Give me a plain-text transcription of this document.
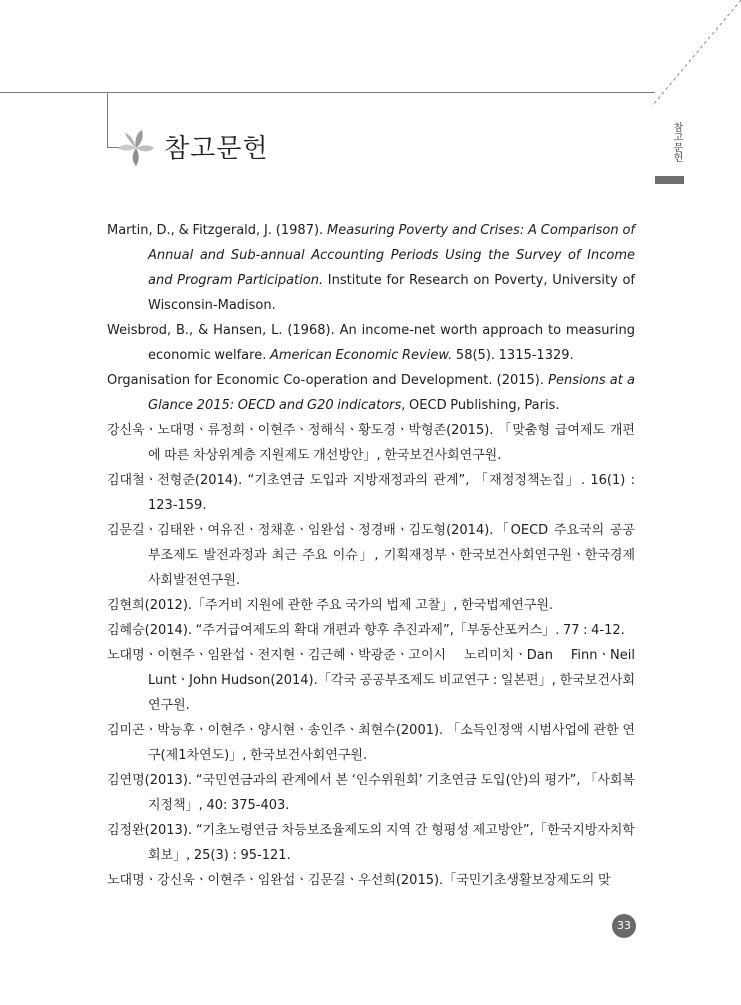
참고문헌
참고문헌

Martin, D., & Fitzgerald, J. (1987). Measuring Poverty and Crises: A Comparison of Annual and Sub-annual Accounting Periods Using the Survey of Income and Program Participation. Institute for Research on Poverty, University of Wisconsin-Madison.

Weisbrod, B., & Hansen, L. (1968). An income-net worth approach to measuring economic welfare. American Economic Review. 58(5). 1315-1329.

Organisation for Economic Co-operation and Development. (2015). Pensions at a Glance 2015: OECD and G20 indicators, OECD Publishing, Paris.

강신욱ㆍ노대명ㆍ류정희ㆍ이현주ㆍ정해식ㆍ황도경ㆍ박형존(2015). 「맞춤형 급여제도 개편에 따른 차상위계층 지원제도 개선방안」, 한국보건사회연구원.

김대철ㆍ전형준(2014). “기초연금 도입과 지방재정과의 관계”, 「재정정책논집」. 16(1) : 123-159.

김문길ㆍ김태완ㆍ여유진ㆍ정채훈ㆍ임완섭ㆍ정경배ㆍ김도형(2014).「OECD 주요국의 공공부조제도 발전과정과 최근 주요 이슈」, 기획재정부ㆍ한국보건사회연구원ㆍ한국경제사회발전연구원.

김현희(2012).「주거비 지원에 관한 주요 국가의 법제 고찰」, 한국법제연구원.

김혜승(2014). “주거급여제도의 확대 개편과 향후 추진과제”,「부동산포커스」. 77 : 4-12.

노대명ㆍ이현주ㆍ임완섭ㆍ전지현ㆍ김근혜ㆍ박광준ㆍ고이시 노리미치ㆍDan FinnㆍNeil LuntㆍJohn Hudson(2014).「각국 공공부조제도 비교연구 : 일본편」, 한국보건사회연구원.

김미곤ㆍ박능후ㆍ이현주ㆍ양시현ㆍ송인주ㆍ최현수(2001). 「소득인정액 시범사업에 관한 연구(제1차연도)」, 한국보건사회연구원.

김연명(2013). “국민연금과의 관계에서 본 ‘인수위원회’ 기초연금 도입(안)의 평가”, 「사회복지정책」, 40: 375-403.

김정완(2013). “기초노령연금 차등보조율제도의 지역 간 형평성 제고방안”,「한국지방자치학회보」, 25(3) : 95-121.

노대명ㆍ강신욱ㆍ이현주ㆍ임완섭ㆍ김문길ㆍ우선희(2015).「국민기초생활보장제도의 맞

33
